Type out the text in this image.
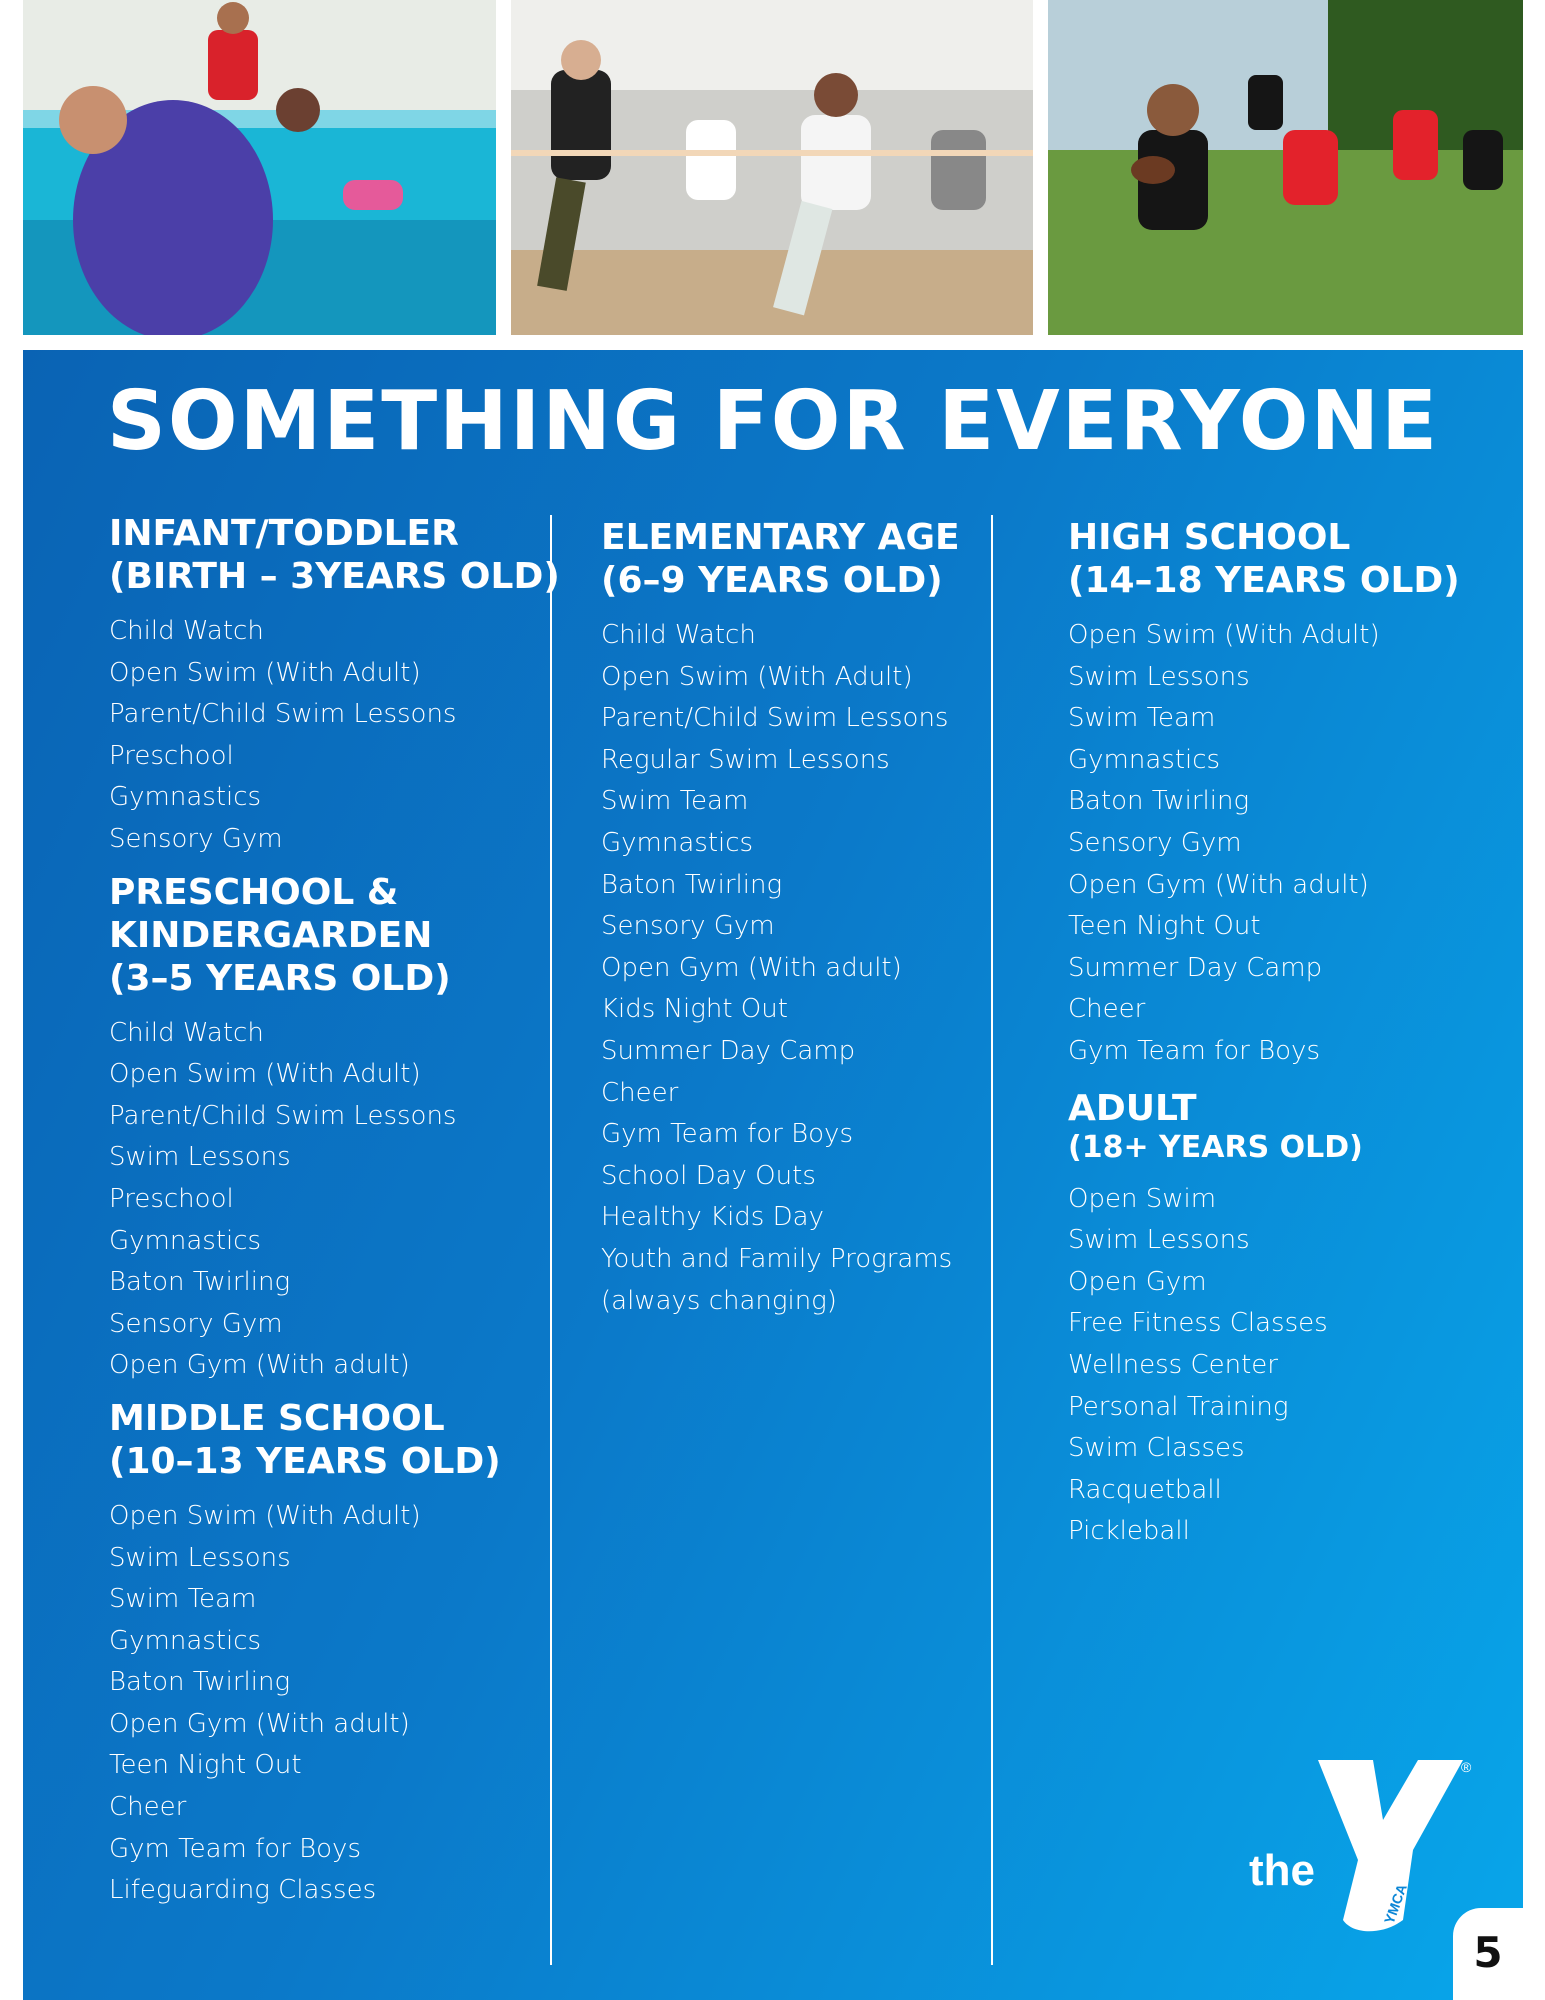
SOMETHING FOR EVERYONE
INFANT/TODDLER
(BIRTH – 3YEARS OLD)
Child Watch
Open Swim (With Adult)
Parent/Child Swim Lessons
Preschool
Gymnastics
Sensory Gym
PRESCHOOL &
KINDERGARDEN
(3–5 YEARS OLD)
Child Watch
Open Swim (With Adult)
Parent/Child Swim Lessons
Swim Lessons
Preschool
Gymnastics
Baton Twirling
Sensory Gym
Open Gym (With adult)
MIDDLE SCHOOL
(10–13 YEARS OLD)
Open Swim (With Adult)
Swim Lessons
Swim Team
Gymnastics
Baton Twirling
Open Gym (With adult)
Teen Night Out
Cheer
Gym Team for Boys
Lifeguarding Classes
ELEMENTARY AGE
(6–9 YEARS OLD)
Child Watch
Open Swim (With Adult)
Parent/Child Swim Lessons
Regular Swim Lessons
Swim Team
Gymnastics
Baton Twirling
Sensory Gym
Open Gym (With adult)
Kids Night Out
Summer Day Camp
Cheer
Gym Team for Boys
School Day Outs
Healthy Kids Day
Youth and Family Programs
(always changing)
HIGH SCHOOL
(14–18 YEARS OLD)
Open Swim (With Adult)
Swim Lessons
Swim Team
Gymnastics
Baton Twirling
Sensory Gym
Open Gym (With adult)
Teen Night Out
Summer Day Camp
Cheer
Gym Team for Boys
ADULT
(18+ YEARS OLD)
Open Swim
Swim Lessons
Open Gym
Free Fitness Classes
Wellness Center
Personal Training
Swim Classes
Racquetball
Pickleball
the
YMCA
®
5
